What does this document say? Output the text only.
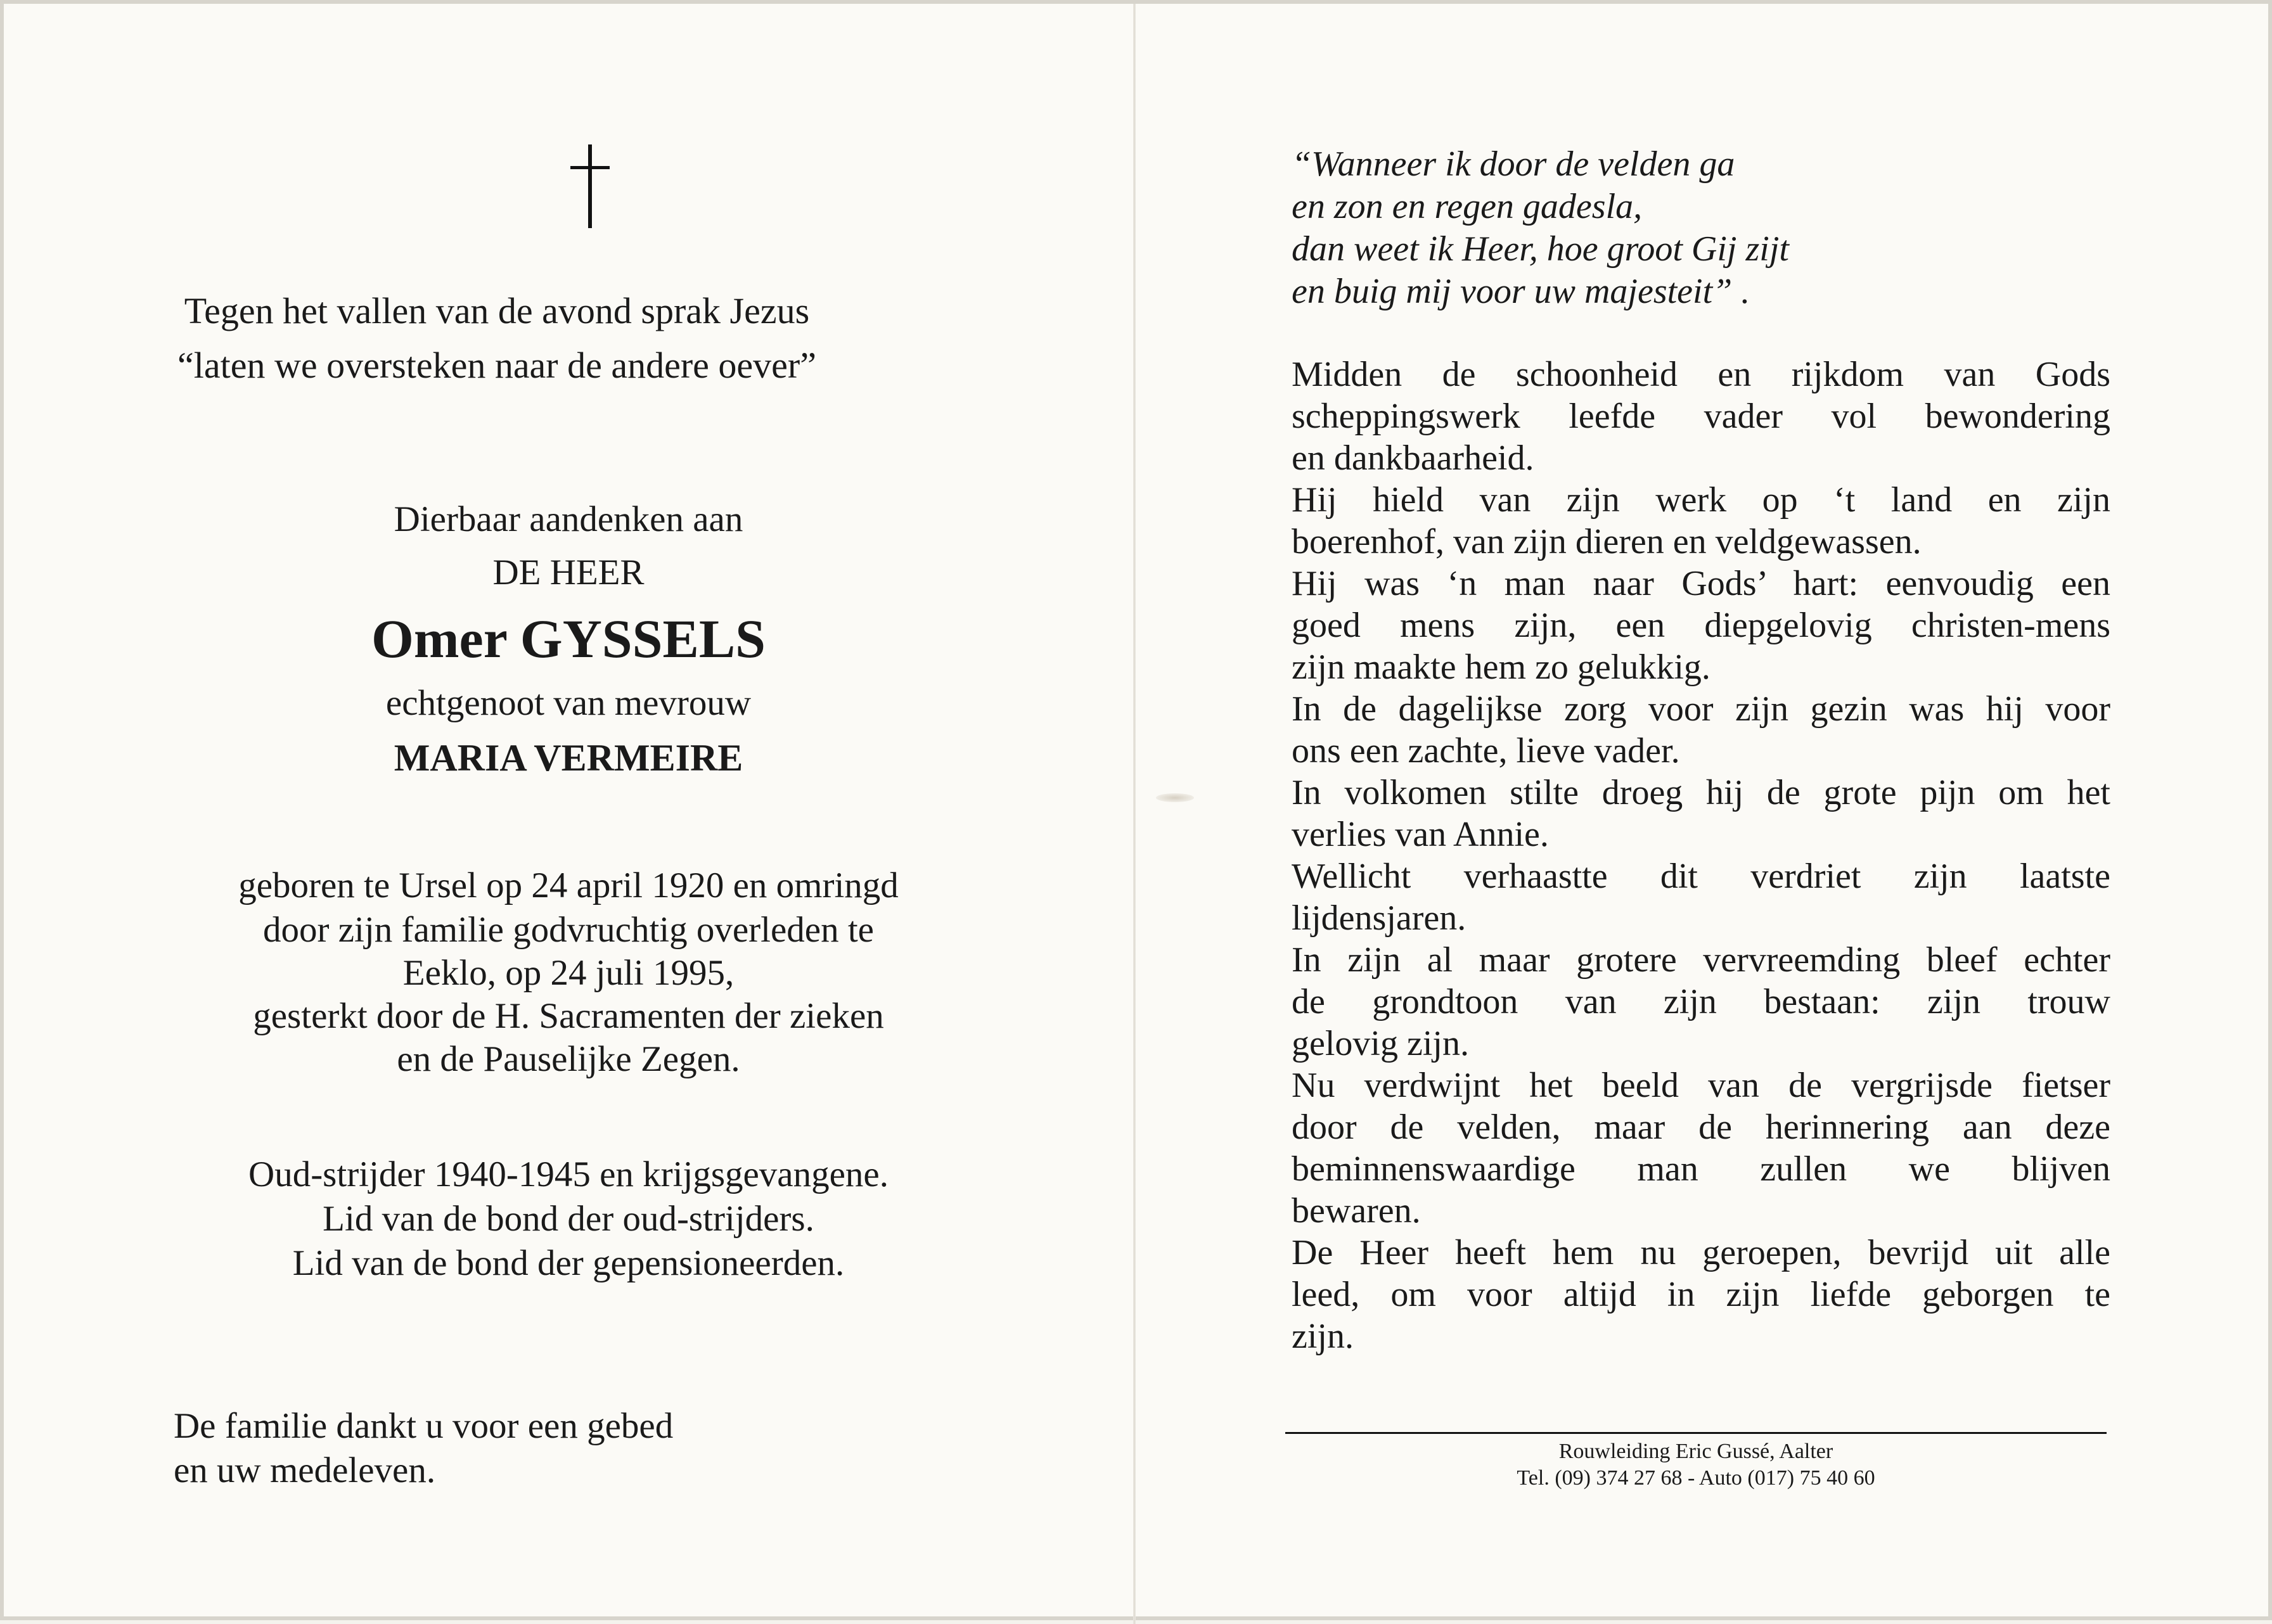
Tegen het vallen van de avond sprak Jezus
“laten we oversteken naar de andere oever”
Dierbaar aandenken aan
DE HEER
Omer GYSSELS
echtgenoot van mevrouw
MARIA VERMEIRE
geboren te Ursel op 24 april 1920 en omringd
door zijn familie godvruchtig overleden te
Eeklo, op 24 juli 1995,
gesterkt door de H. Sacramenten der zieken
en de Pauselijke Zegen.
Oud-strijder 1940-1945 en krijgsgevangene.
Lid van de bond der oud-strijders.
Lid van de bond der gepensioneerden.
De familie dankt u voor een gebed
en uw medeleven.
“Wanneer ik door de velden ga
en zon en regen gadesla,
dan weet ik Heer, hoe groot Gij zijt
en buig mij voor uw majesteit” .
Midden de schoonheid en rijkdom van Gods
scheppingswerk leefde vader vol bewondering
en dankbaarheid.
Hij hield van zijn werk op ‘t land en zijn
boerenhof, van zijn dieren en veldgewassen.
Hij was ‘n man naar Gods’ hart: eenvoudig een
goed mens zijn, een diepgelovig christen-mens
zijn maakte hem zo gelukkig.
In de dagelijkse zorg voor zijn gezin was hij voor
ons een zachte, lieve vader.
In volkomen stilte droeg hij de grote pijn om het
verlies van Annie.
Wellicht verhaastte dit verdriet zijn laatste
lijdensjaren.
In zijn al maar grotere vervreemding bleef echter
de grondtoon van zijn bestaan: zijn trouw
gelovig zijn.
Nu verdwijnt het beeld van de vergrijsde fietser
door de velden, maar de herinnering aan deze
beminnenswaardige man zullen we blijven
bewaren.
De Heer heeft hem nu geroepen, bevrijd uit alle
leed, om voor altijd in zijn liefde geborgen te
zijn.
Rouwleiding Eric Gussé, Aalter
Tel. (09) 374 27 68 - Auto (017) 75 40 60
